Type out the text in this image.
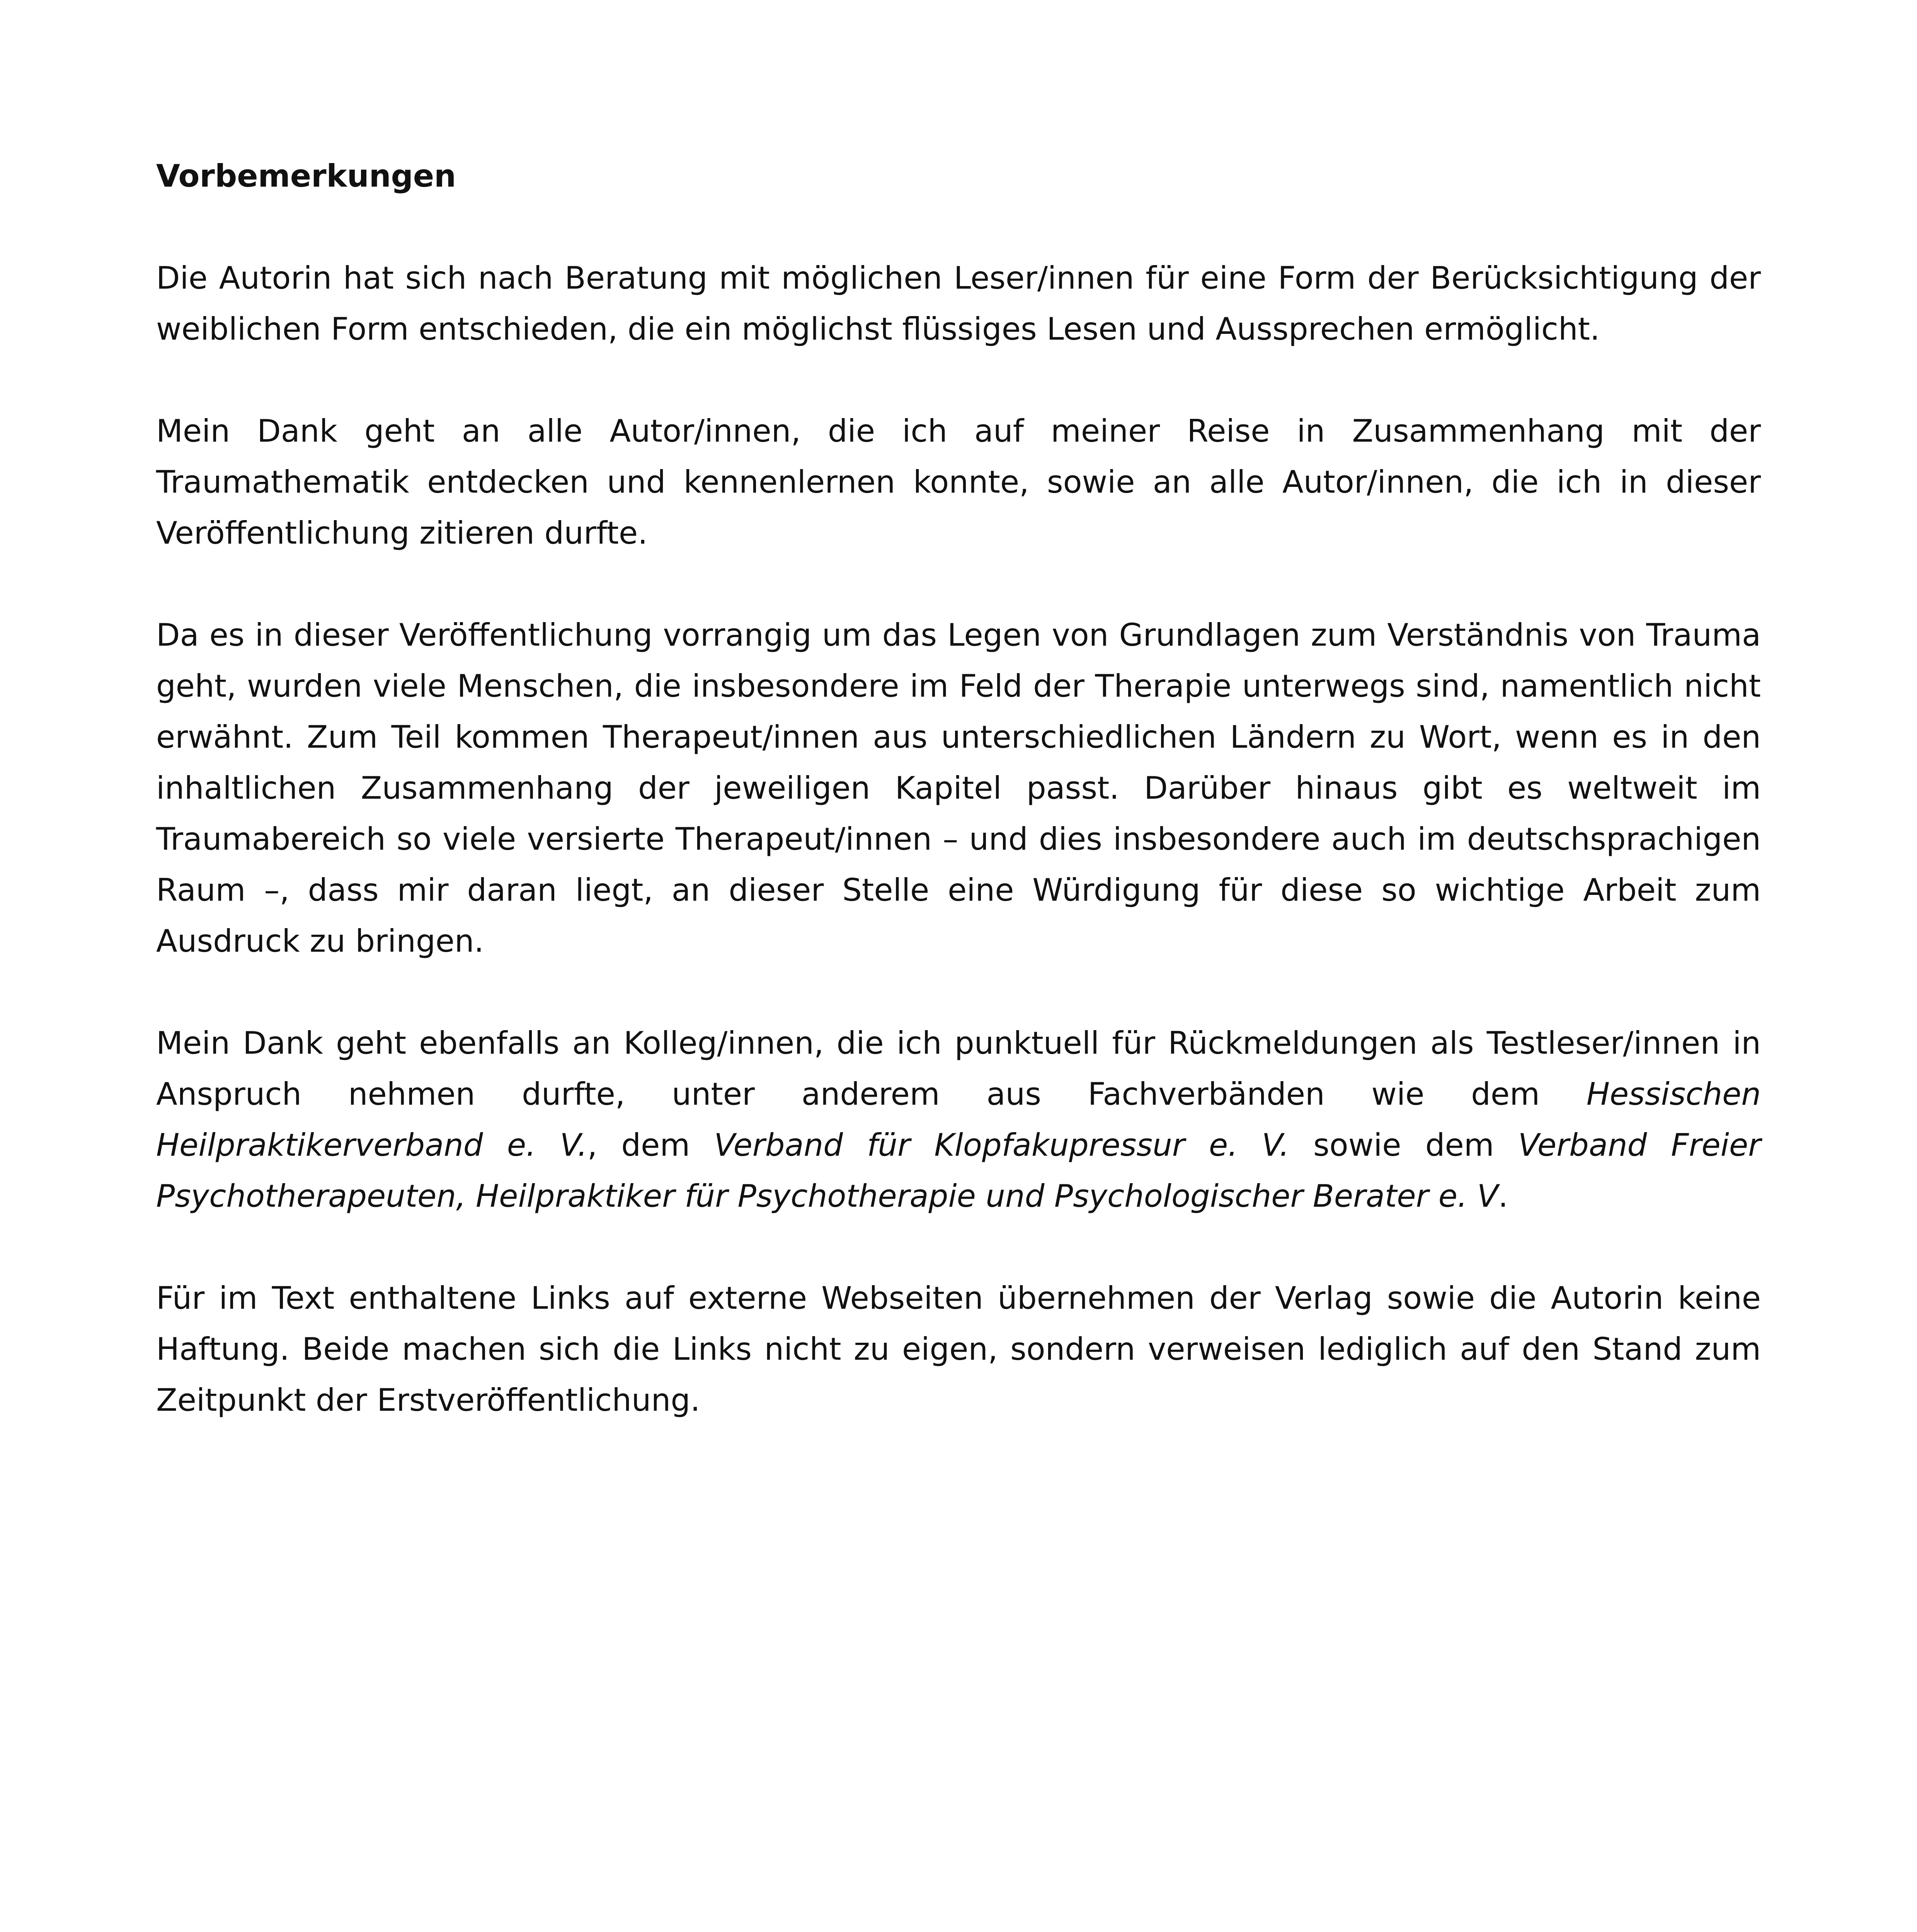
Vorbemerkungen

Die Autorin hat sich nach Beratung mit möglichen Leser/innen für eine Form der Berücksichtigung der weiblichen Form entschieden, die ein möglichst flüssiges Lesen und Aussprechen ermöglicht.

Mein Dank geht an alle Autor/innen, die ich auf meiner Reise in Zusammenhang mit der Traumathematik entdecken und kennenlernen konnte, sowie an alle Autor/innen, die ich in dieser Veröffentlichung zitieren durfte.

Da es in dieser Veröffentlichung vorrangig um das Legen von Grundlagen zum Verständnis von Trauma geht, wurden viele Menschen, die insbesondere im Feld der Therapie unterwegs sind, namentlich nicht erwähnt. Zum Teil kommen Therapeut/innen aus unterschiedlichen Ländern zu Wort, wenn es in den inhaltlichen Zusammenhang der jeweiligen Kapitel passt. Darüber hinaus gibt es weltweit im Traumabereich so viele versierte Therapeut/innen – und dies insbesondere auch im deutschsprachigen Raum –, dass mir daran liegt, an dieser Stelle eine Würdigung für diese so wichtige Arbeit zum Ausdruck zu bringen.

Mein Dank geht ebenfalls an Kolleg/innen, die ich punktuell für Rückmeldungen als Testleser/innen in Anspruch nehmen durfte, unter anderem aus Fachverbänden wie dem Hessischen Heilpraktikerverband e. V., dem Verband für Klopfakupressur e. V. sowie dem Verband Freier Psychotherapeuten, Heilpraktiker für Psychotherapie und Psychologischer Berater e. V.

Für im Text enthaltene Links auf externe Webseiten übernehmen der Verlag sowie die Autorin keine Haftung. Beide machen sich die Links nicht zu eigen, sondern verweisen lediglich auf den Stand zum Zeitpunkt der Erstveröffentlichung.
